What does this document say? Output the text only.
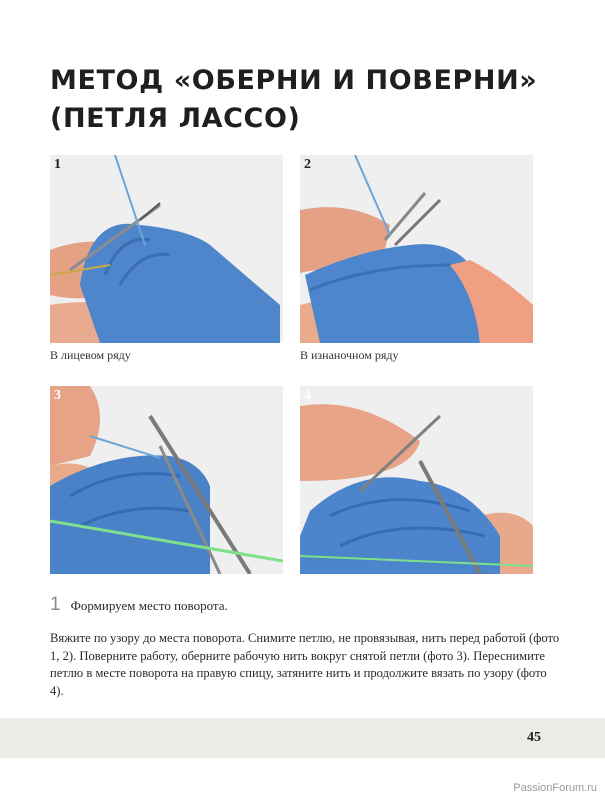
МЕТОД «ОБЕРНИ И ПОВЕРНИ»
(ПЕТЛЯ ЛАССО)
1	2
В лицевом ряду	В изнаночном ряду
3	4
1 Формируем место поворота.

Вяжите по узору до места поворота. Снимите петлю, не провязывая, нить перед работой (фото 1, 2). Поверните работу, оберните рабочую нить вокруг снятой петли (фото 3). Переснимите петлю в месте поворота на правую спицу, затяните нить и продолжите вязать по узору (фото 4).

45
PassionForum.ru
